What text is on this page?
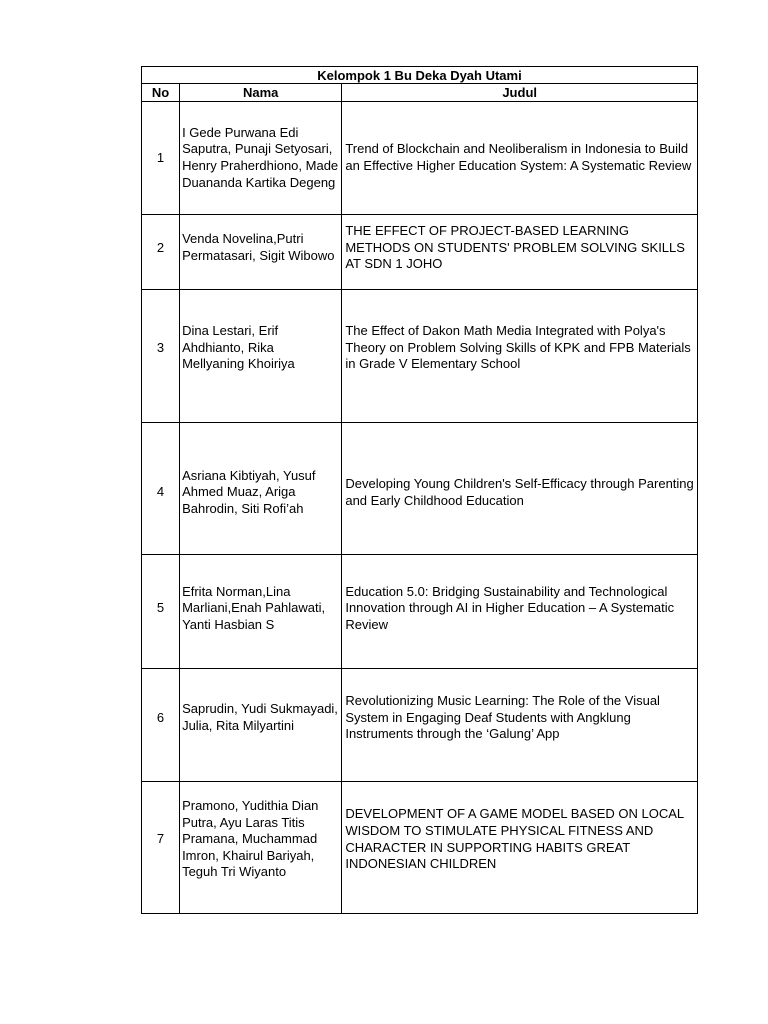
Kelompok 1 Bu Deka Dyah Utami		
No	Nama	Judul

1	I Gede Purwana Edi Saputra, Punaji Setyosari, Henry Praherdhiono, Made Duananda Kartika Degeng	Trend of Blockchain and Neoliberalism in Indonesia to Build an Effective Higher Education System: A Systematic Review

2	Venda Novelina,Putri Permatasari, Sigit Wibowo	THE EFFECT OF PROJECT-BASED LEARNING METHODS ON STUDENTS' PROBLEM SOLVING SKILLS AT SDN 1 JOHO

3	Dina Lestari, Erif Ahdhianto, Rika Mellyaning Khoiriya	The Effect of Dakon Math Media Integrated with Polya's Theory on Problem Solving Skills of KPK and FPB Materials in Grade V Elementary School

4	Asriana Kibtiyah, Yusuf Ahmed Muaz, Ariga Bahrodin, Siti Rofi’ah	Developing Young Children's Self-Efficacy through Parenting and Early Childhood Education

5	Efrita Norman,Lina Marliani,Enah Pahlawati, Yanti Hasbian S	Education 5.0: Bridging Sustainability and Technological Innovation through AI in Higher Education – A Systematic Review

6	Saprudin, Yudi Sukmayadi, Julia, Rita Milyartini	Revolutionizing Music Learning: The Role of the Visual System in Engaging Deaf Students with Angklung Instruments through the ‘Galung’ App

7	Pramono, Yudithia Dian Putra, Ayu Laras Titis Pramana, Muchammad Imron, Khairul Bariyah, Teguh Tri Wiyanto	DEVELOPMENT OF A GAME MODEL BASED ON LOCAL WISDOM TO STIMULATE PHYSICAL FITNESS AND CHARACTER IN SUPPORTING HABITS GREAT INDONESIAN CHILDREN
